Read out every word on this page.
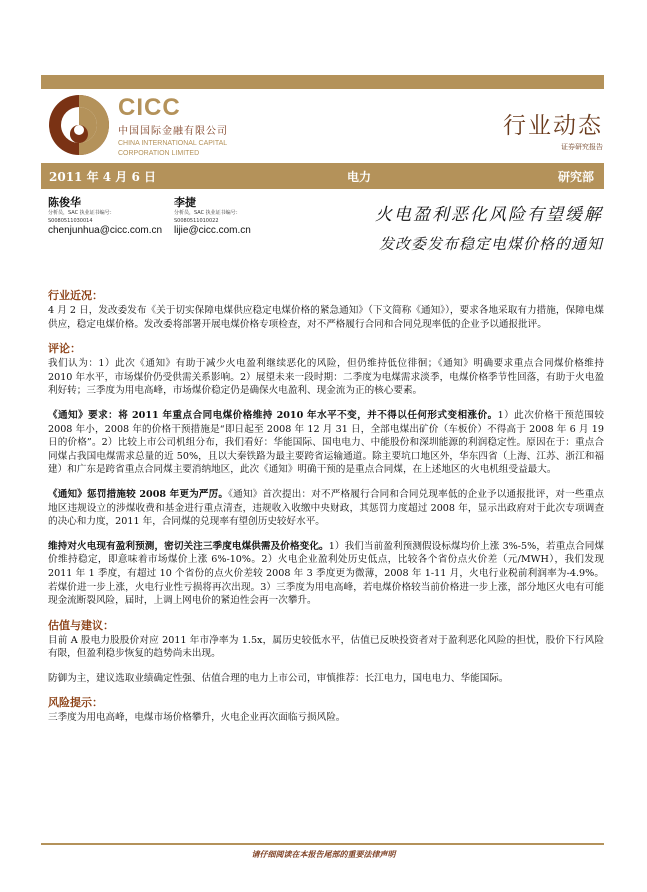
CICC
中国国际金融有限公司
CHINA INTERNATIONAL CAPITAL
CORPORATION LIMITED
行业动态
证券研究报告
2011 年 4 月 6 日	电力	研究部
陈俊华
分析员，SAC 执业证书编号：
S0080511030014
chenjunhua@cicc.com.cn
李捷
分析员，SAC 执业证书编号：
S0080511010022
lijie@cicc.com.cn
火电盈利恶化风险有望缓解
发改委发布稳定电煤价格的通知
行业近况：

4 月 2 日，发改委发布《关于切实保障电煤供应稳定电煤价格的紧急通知》（下文简称《通知》），要求各地采取有力措施，保障电煤供应，稳定电煤价格。发改委将部署开展电煤价格专项检查，对不严格履行合同和合同兑现率低的企业予以通报批评。

评论：

我们认为：1）此次《通知》有助于减少火电盈利继续恶化的风险，但仍维持低位徘徊；《通知》明确要求重点合同煤价格维持 2010 年水平，市场煤价仍受供需关系影响。2）展望未来一段时期：二季度为电煤需求淡季，电煤价格季节性回落，有助于火电盈利好转；三季度为用电高峰，市场煤价稳定仍是确保火电盈利、现金流为正的核心要素。

《通知》要求：将 2011 年重点合同电煤价格维持 2010 年水平不变，并不得以任何形式变相涨价。1）此次价格干预范围较 2008 年小，2008 年的价格干预措施是“即日起至 2008 年 12 月 31 日，全部电煤出矿价（车板价）不得高于 2008 年 6 月 19 日的价格”。2）比较上市公司机组分布，我们看好：华能国际、国电电力、中能股份和深圳能源的利润稳定性。原因在于：重点合同煤占我国电煤需求总量的近 50%，且以大秦铁路为最主要跨省运输通道。除主要坑口地区外，华东四省（上海、江苏、浙江和福建）和广东是跨省重点合同煤主要消纳地区，此次《通知》明确干预的是重点合同煤，在上述地区的火电机组受益最大。

《通知》惩罚措施较 2008 年更为严厉。《通知》首次提出：对不严格履行合同和合同兑现率低的企业予以通报批评，对一些重点地区违规设立的涉煤收费和基金进行重点清查，违规收入收缴中央财政，其惩罚力度超过 2008 年，显示出政府对于此次专项调查的决心和力度，2011 年，合同煤的兑现率有望创历史较好水平。

维持对火电现有盈利预测，密切关注三季度电煤供需及价格变化。1）我们当前盈利预测假设标煤均价上涨 3%-5%，若重点合同煤价维持稳定，即意味着市场煤价上涨 6%-10%。2）火电企业盈利处历史低点，比较各个省份点火价差（元/MWH），我们发现 2011 年 1 季度，有超过 10 个省份的点火价差较 2008 年 3 季度更为微薄，2008 年 1-11 月，火电行业税前利润率为-4.9%。若煤价进一步上涨，火电行业性亏损将再次出现。3）三季度为用电高峰，若电煤价格较当前价格进一步上涨，部分地区火电有可能现金流断裂风险，届时，上调上网电价的紧迫性会再一次攀升。

估值与建议：

目前 A 股电力股股价对应 2011 年市净率为 1.5x，属历史较低水平，估值已反映投资者对于盈利恶化风险的担忧，股价下行风险有限，但盈利稳步恢复的趋势尚未出现。

防御为主，建议选取业绩确定性强、估值合理的电力上市公司，审慎推荐：长江电力，国电电力、华能国际。

风险提示：

三季度为用电高峰，电煤市场价格攀升，火电企业再次面临亏损风险。

请仔细阅读在本报告尾部的重要法律声明
